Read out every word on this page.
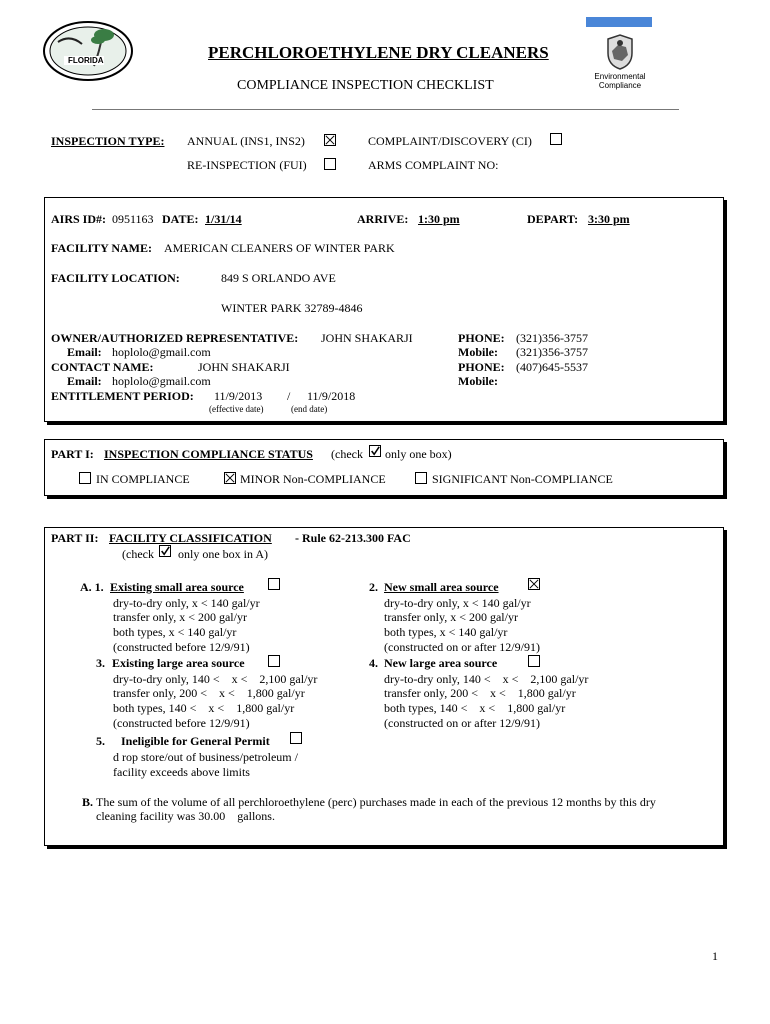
FLORIDA
Environmental
Compliance
PERCHLOROETHYLENE DRY CLEANERS
COMPLIANCE INSPECTION CHECKLIST
INSPECTION TYPE: ANNUAL (INS1, INS2)	COMPLAINT/DISCOVERY (CI)
RE-INSPECTION (FUI)	ARMS COMPLAINT NO:
AIRS ID#: 0951163 DATE: 1/31/14	ARRIVE: 1:30 pm	DEPART: 3:30 pm
FACILITY NAME: AMERICAN CLEANERS OF WINTER PARK
FACILITY LOCATION:	849 S ORLANDO AVE
WINTER PARK 32789-4846
OWNER/AUTHORIZED REPRESENTATIVE: JOHN SHAKARJI
Email: hoplolo@gmail.com
CONTACT NAME:	JOHN SHAKARJI
Email: hoplolo@gmail.com
ENTITLEMENT PERIOD: 11/9/2013 / 11/9/2018
(effective date)	(end date)
PHONE: (321)356-3757
Mobile: (321)356-3757
PHONE: (407)645-5537
Mobile:
PART I: INSPECTION COMPLIANCE STATUS (check only one box)
IN COMPLIANCE	MINOR Non-COMPLIANCE	SIGNIFICANT Non-COMPLIANCE
PART II: FACILITY CLASSIFICATION - Rule 62-213.300 FAC
(check only one box in A)
A. 1. Existing small area source
dry-to-dry only, x < 140 gal/yr
transfer only, x < 200 gal/yr
both types, x < 140 gal/yr
(constructed before 12/9/91)
2. New small area source
dry-to-dry only, x < 140 gal/yr
transfer only, x < 200 gal/yr
both types, x < 140 gal/yr
(constructed on or after 12/9/91)
3. Existing large area source
dry-to-dry only, 140 <    x <    2,100 gal/yr
transfer only, 200 <    x <    1,800 gal/yr
both types, 140 <    x <    1,800 gal/yr
(constructed before 12/9/91)
4. New large area source
dry-to-dry only, 140 <    x <    2,100 gal/yr
transfer only, 200 <    x <    1,800 gal/yr
both types, 140 <    x <    1,800 gal/yr
(constructed on or after 12/9/91)
5. Ineligible for General Permit
d rop store/out of business/petroleum /
facility exceeds above limits
B. The sum of the volume of all perchloroethylene (perc) purchases made in each of the previous 12 months by this dry
cleaning facility was 30.00    gallons.
1
